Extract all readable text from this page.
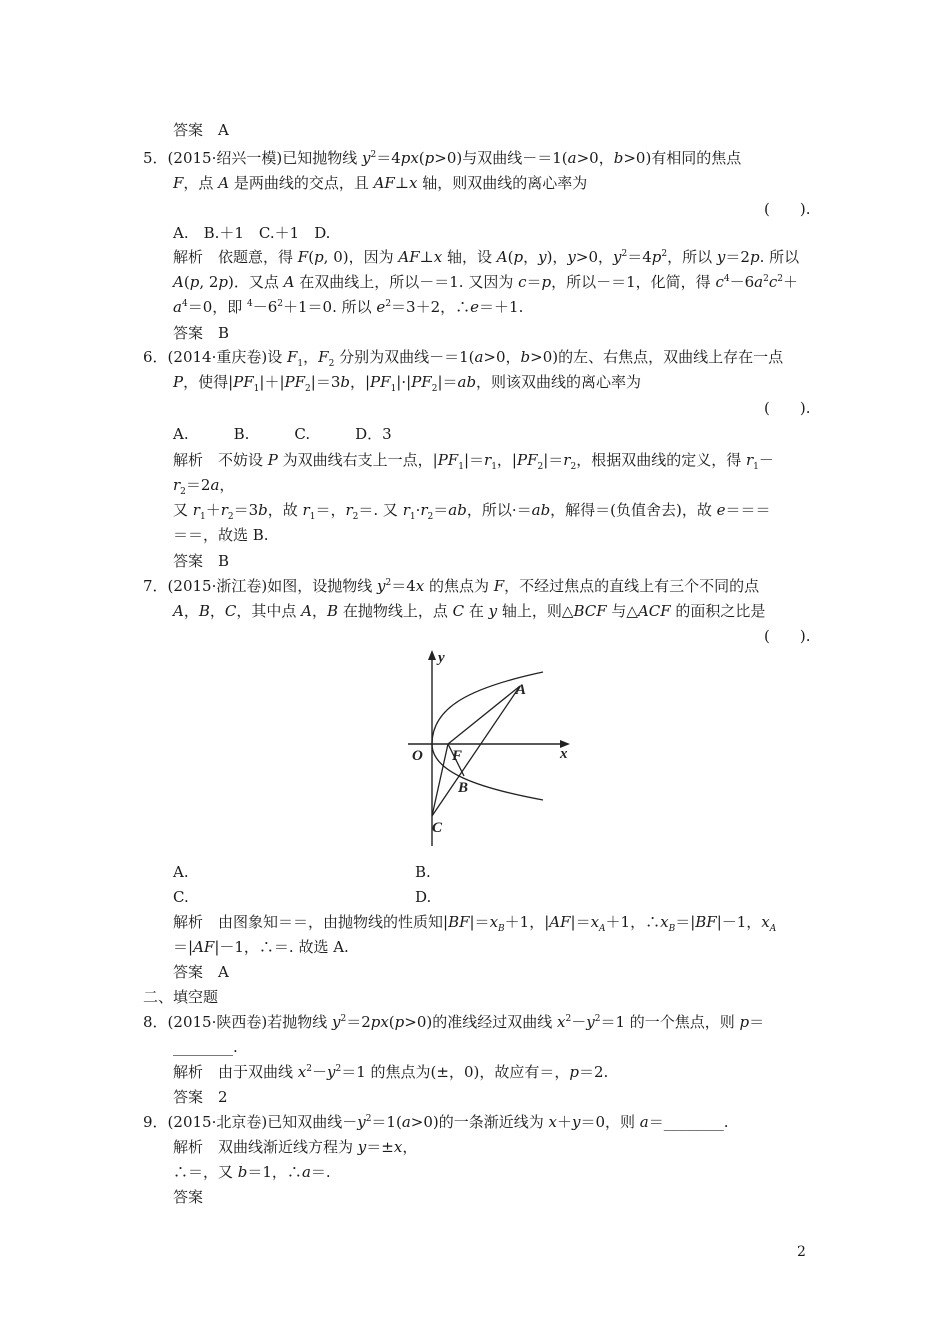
答案　A
5．(2015·绍兴一模)已知抛物线 $y^2=4px(p>0)$与双曲线－＝1(a>0，b>0)有相同的焦点
F，点 A 是两曲线的交点，且 AF⊥x 轴，则双曲线的离心率为
(　　).
A.　B.＋1　C.＋1　D.
解析　依题意，得 F(p, 0)，因为 AF⊥x 轴，设 A(p，y)，y>0，$y^2=4p^2$，所以 y＝2p. 所以
A(p, 2p)．又点 A 在双曲线上，所以－＝1. 又因为 c＝p，所以－＝1，化简，得 $c^4-6a^2c^2+$
$a^4=0$，即 $^4-6^2+1=0$. 所以 $e^2=3+2$，∴e＝＋1.
答案　B
6．(2014·重庆卷)设 $F_1$，$F_2$ 分别为双曲线－＝1(a>0，b>0)的左、右焦点，双曲线上存在一点
P，使得$|PF_1|+|PF_2|=3b$，$|PF_1|\cdot|PF_2|=ab$，则该双曲线的离心率为
(　　).
A.　　　B.　　　C.　　　D．3
解析　不妨设 P 为双曲线右支上一点，$|PF_1|=r_1$，$|PF_2|=r_2$，根据双曲线的定义，得 $r_1-$
$r_2=2a$，
又 $r_1+r_2=3b$，故 $r_1=$，$r_2=$. 又 $r_1\cdot r_2=ab$，所以·＝ab，解得＝(负值舍去)，故 e＝＝＝
＝＝，故选 B.
答案　B
7．(2015·浙江卷)如图，设抛物线 $y^2=4x$ 的焦点为 F，不经过焦点的直线上有三个不同的点
A，B，C，其中点 A，B 在抛物线上，点 C 在 y 轴上，则△BCF 与△ACF 的面积之比是
(　　).
A.	B.
C.	D.
解析　由图象知＝＝，由抛物线的性质知$|BF|=x_B+1$，$|AF|=x_A+1$，$\therefore x_B=|BF|-1$，$x_A$
＝|AF|－1，∴＝. 故选 A.
答案　A
二、填空题
8．(2015·陕西卷)若抛物线 $y^2=2px(p>0)$的准线经过双曲线 $x^2-y^2=1$ 的一个焦点，则 p＝
________.
解析　由于双曲线 $x^2-y^2=1$ 的焦点为(±，0)，故应有＝，p＝2.
答案　2
9．(2015·北京卷)已知双曲线$-y^2=1(a>0)$的一条渐近线为 x＋y＝0，则 a＝________.
解析　双曲线渐近线方程为 y＝±x，
∴＝，又 b＝1，∴a＝.
答案
y
x
O F
A
B
C
2
